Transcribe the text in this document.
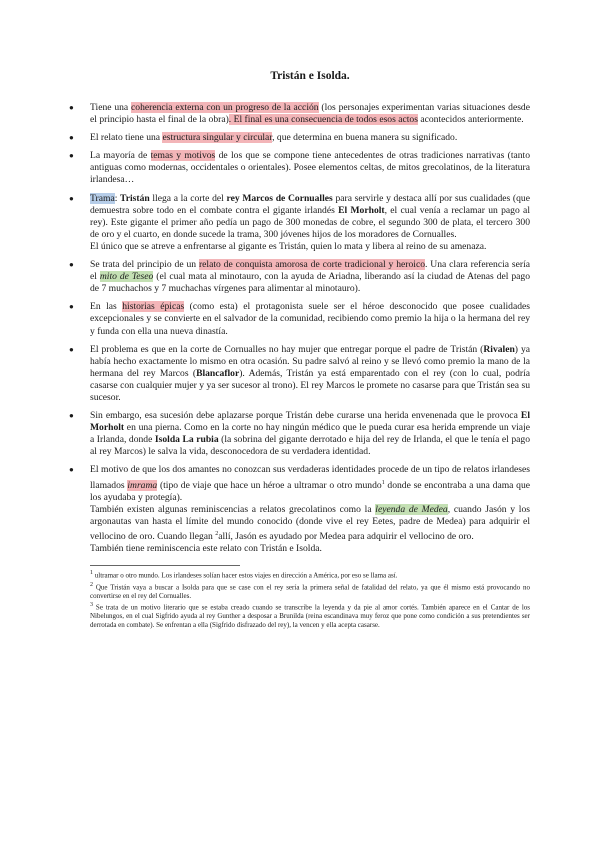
Tristán e Isolda.
● Tiene una coherencia externa con un progreso de la acción (los personajes experimentan varias situaciones desde el principio hasta el final de la obra). El final es una consecuencia de todos esos actos acontecidos anteriormente.
● El relato tiene una estructura singular y circular, que determina en buena manera su significado.
● La mayoría de temas y motivos de los que se compone tiene antecedentes de otras tradiciones narrativas (tanto antiguas como modernas, occidentales o orientales). Posee elementos celtas, de mitos grecolatinos, de la literatura irlandesa…
● Trama: Tristán llega a la corte del rey Marcos de Cornualles para servirle y destaca allí por sus cualidades (que demuestra sobre todo en el combate contra el gigante irlandés El Morholt, el cual venía a reclamar un pago al rey). Este gigante el primer año pedía un pago de 300 monedas de cobre, el segundo 300 de plata, el tercero 300 de oro y el cuarto, en donde sucede la trama, 300 jóvenes hijos de los moradores de Cornualles.

El único que se atreve a enfrentarse al gigante es Tristán, quien lo mata y libera al reino de su amenaza.

● Se trata del principio de un relato de conquista amorosa de corte tradicional y heroico. Una clara referencia sería el mito de Teseo (el cual mata al minotauro, con la ayuda de Ariadna, liberando así la ciudad de Atenas del pago de 7 muchachos y 7 muchachas vírgenes para alimentar al minotauro).
● En las historias épicas (como esta) el protagonista suele ser el héroe desconocido que posee cualidades excepcionales y se convierte en el salvador de la comunidad, recibiendo como premio la hija o la hermana del rey y funda con ella una nueva dinastía.
● El problema es que en la corte de Cornualles no hay mujer que entregar porque el padre de Tristán (Rivalen) ya había hecho exactamente lo mismo en otra ocasión. Su padre salvó al reino y se llevó como premio la mano de la hermana del rey Marcos (Blancaflor). Además, Tristán ya está emparentado con el rey (con lo cual, podría casarse con cualquier mujer y ya ser sucesor al trono). El rey Marcos le promete no casarse para que Tristán sea su sucesor.
● Sin embargo, esa sucesión debe aplazarse porque Tristán debe curarse una herida envenenada que le provoca El Morholt en una pierna. Como en la corte no hay ningún médico que le pueda curar esa herida emprende un viaje a Irlanda, donde Isolda La rubia (la sobrina del gigante derrotado e hija del rey de Irlanda, el que le tenía el pago al rey Marcos) le salva la vida, desconocedora de su verdadera identidad.
● El motivo de que los dos amantes no conozcan sus verdaderas identidades procede de un tipo de relatos irlandeses llamados imrama (tipo de viaje que hace un héroe a ultramar o otro mundo$^1$ donde se encontraba a una dama que los ayudaba y protegía).

También existen algunas reminiscencias a relatos grecolatinos como la leyenda de Medea, cuando Jasón y los argonautas van hasta el límite del mundo conocido (donde vive el rey Eetes, padre de Medea) para adquirir el vellocino de oro. Cuando llegan $^2$allí, Jasón es ayudado por Medea para adquirir el vellocino de oro.

También tiene reminiscencia este relato con Tristán e Isolda.

$^1$ ultramar o otro mundo. Los irlandeses solían hacer estos viajes en dirección a América, por eso se llama así.

$^2$ Que Tristán vaya a buscar a Isolda para que se case con el rey sería la primera señal de fatalidad del relato, ya que él mismo está provocando no convertirse en el rey del Cornualles.

$^3$ Se trata de un motivo literario que se estaba creado cuando se transcribe la leyenda y da pie al amor cortés. También aparece en el Cantar de los Nibelungos, en el cual Sigfrido ayuda al rey Gunther a desposar a Brunilda (reina escandinava muy feroz que pone como condición a sus pretendientes ser derrotada en combate). Se enfrentan a ella (Sigfrido disfrazado del rey), la vencen y ella acepta casarse.
